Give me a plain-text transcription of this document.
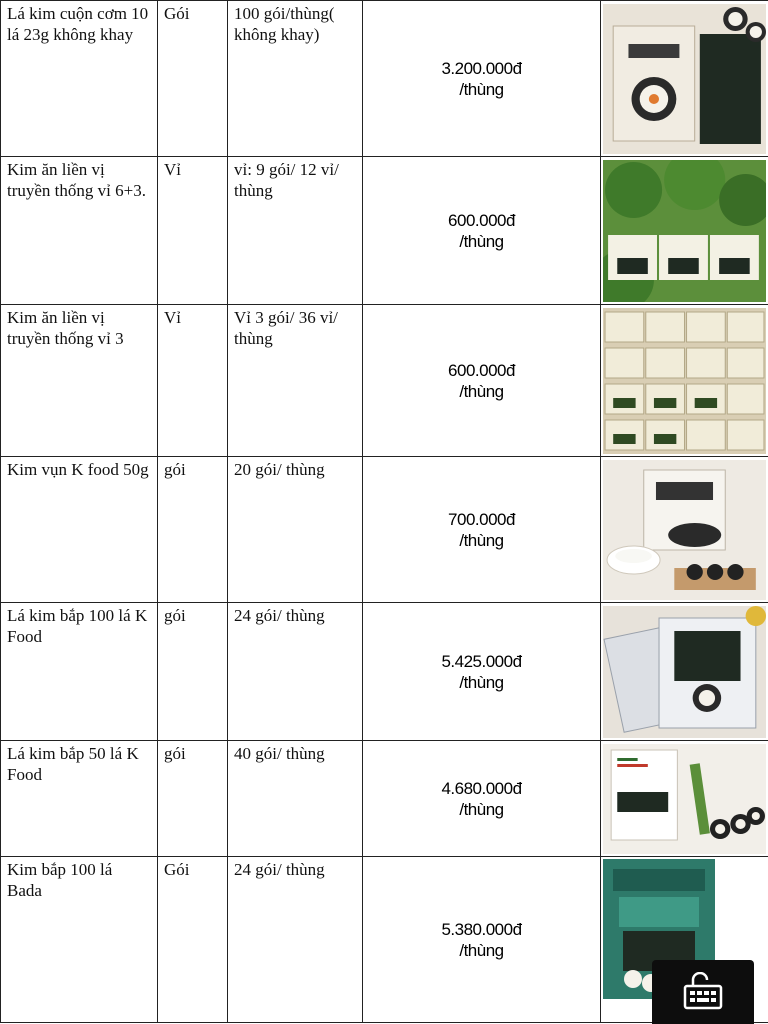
Lá kim cuộn cơm 10 lá 23g không khay	Gói	100 gói/thùng( không khay)	3.200.000đ
/thùng

Kim ăn liền vị truyền thống vỉ 6+3.	Vỉ	vỉ: 9 gói/ 12 vỉ/ thùng	600.000đ
/thùng

Kim ăn liền vị truyền thống vỉ 3	Vỉ	Vỉ 3 gói/ 36 vỉ/ thùng	600.000đ
/thùng

Kim vụn K food 50g	gói	20 gói/ thùng	700.000đ
/thùng

Lá kim bắp 100 lá K Food	gói	24 gói/ thùng	5.425.000đ
/thùng

Lá kim bắp 50 lá K Food	gói	40 gói/ thùng	4.680.000đ
/thùng

Kim bắp 100 lá Bada	Gói	24 gói/ thùng	5.380.000đ
/thùng
